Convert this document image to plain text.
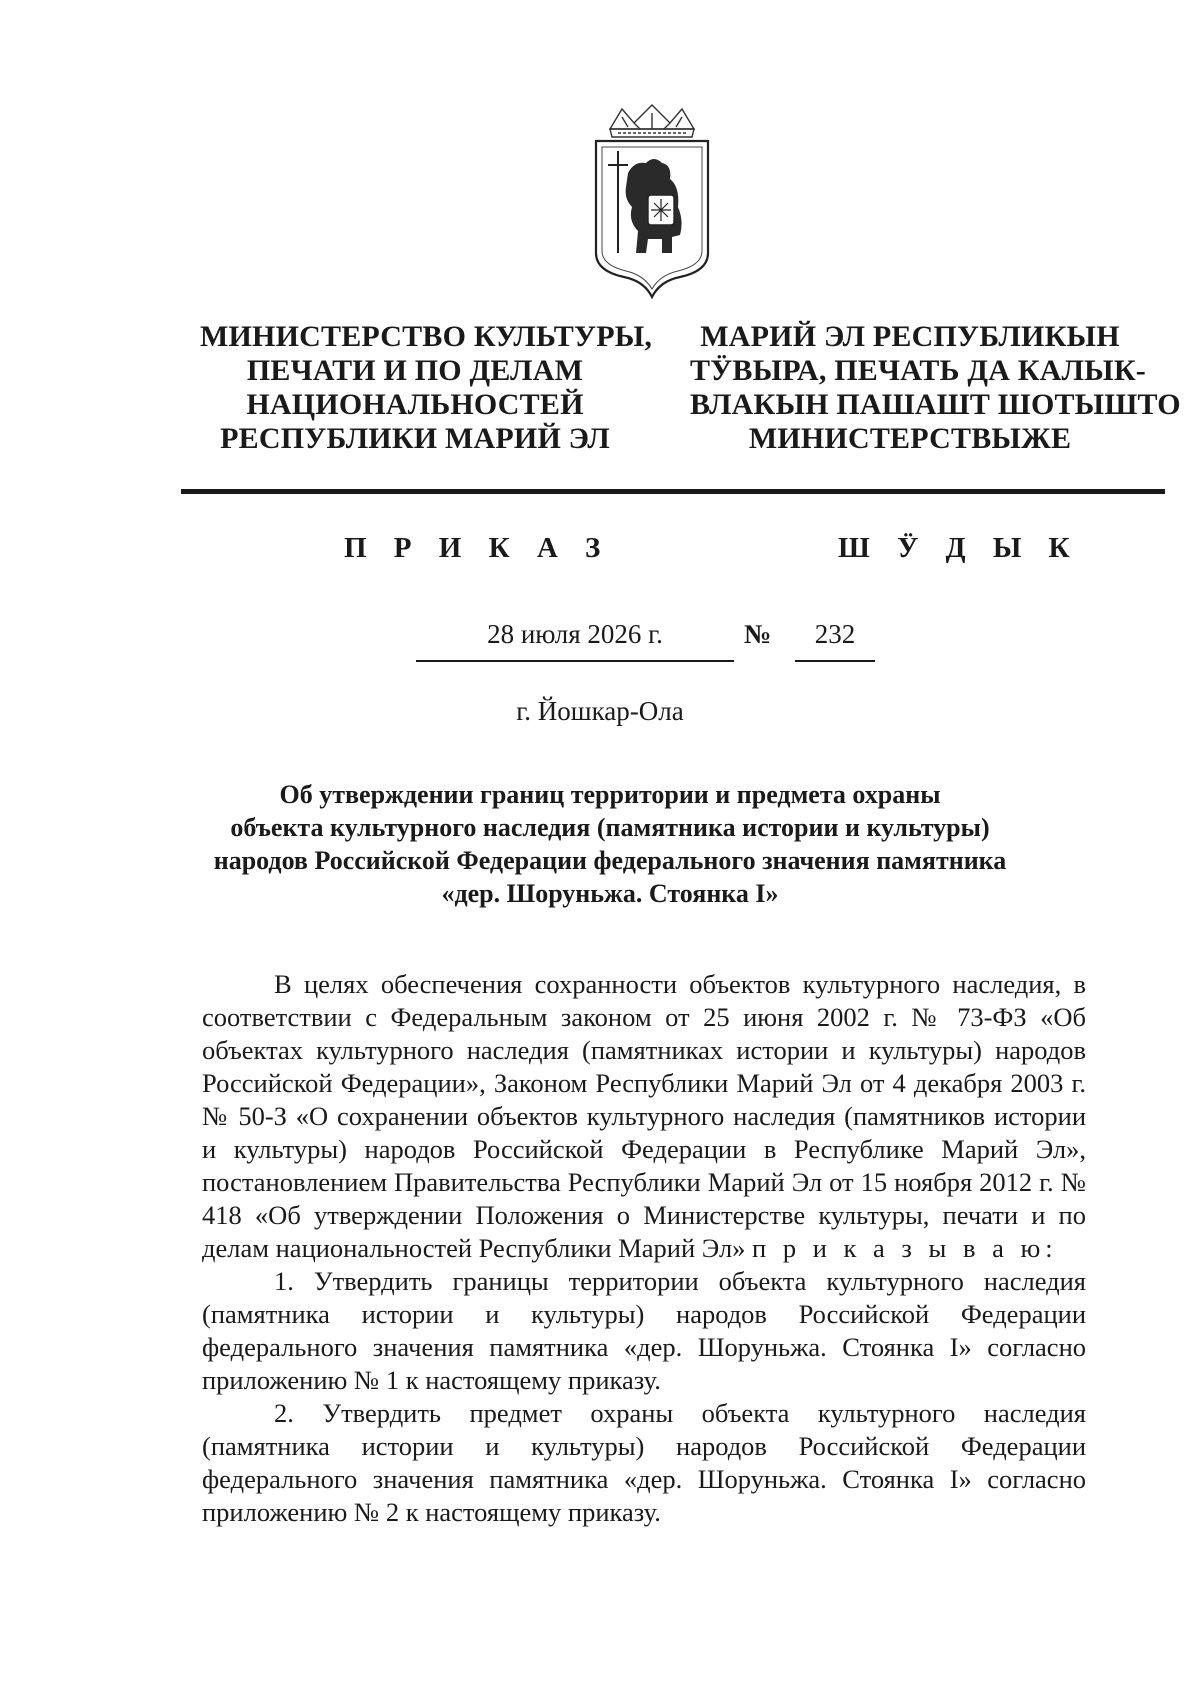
МИНИСТЕРСТВО КУЛЬТУРЫ,
ПЕЧАТИ И ПО ДЕЛАМ
НАЦИОНАЛЬНОСТЕЙ
РЕСПУБЛИКИ МАРИЙ ЭЛ
МАРИЙ ЭЛ РЕСПУБЛИКЫН
ТӰВЫРА, ПЕЧАТЬ ДА КАЛЫК-
ВЛАКЫН ПАШАШТ ШОТЫШТО
МИНИСТЕРСТВЫЖЕ
П Р И К А З	Ш Ӱ Д Ы К
28 июля 2026 г.	№	232
г. Йошкар-Ола
Об утверждении границ территории и предмета охраны
объекта культурного наследия (памятника истории и культуры)
народов Российской Федерации федерального значения памятника
«дер. Шоруньжа. Стоянка I»

В целях обеспечения сохранности объектов культурного наследия, в соответствии с Федеральным законом от 25 июня 2002 г. № 73-ФЗ «Об объектах культурного наследия (памятниках истории и культуры) народов Российской Федерации», Законом Республики Марий Эл от 4 декабря 2003 г. № 50-З «О сохранении объектов культурного наследия (памятников истории и культуры) народов Российской Федерации в Республике Марий Эл», постановлением Правительства Республики Марий Эл от 15 ноября 2012 г. № 418 «Об утверждении Положения о Министерстве культуры, печати и по делам национальностей Республики Марий Эл» п р и к а з ы в а ю:

1. Утвердить границы территории объекта культурного наследия (памятника истории и культуры) народов Российской Федерации федерального значения памятника «дер. Шоруньжа. Стоянка I» согласно приложению № 1 к настоящему приказу.

2. Утвердить предмет охраны объекта культурного наследия (памятника истории и культуры) народов Российской Федерации федерального значения памятника «дер. Шоруньжа. Стоянка I» согласно приложению № 2 к настоящему приказу.
